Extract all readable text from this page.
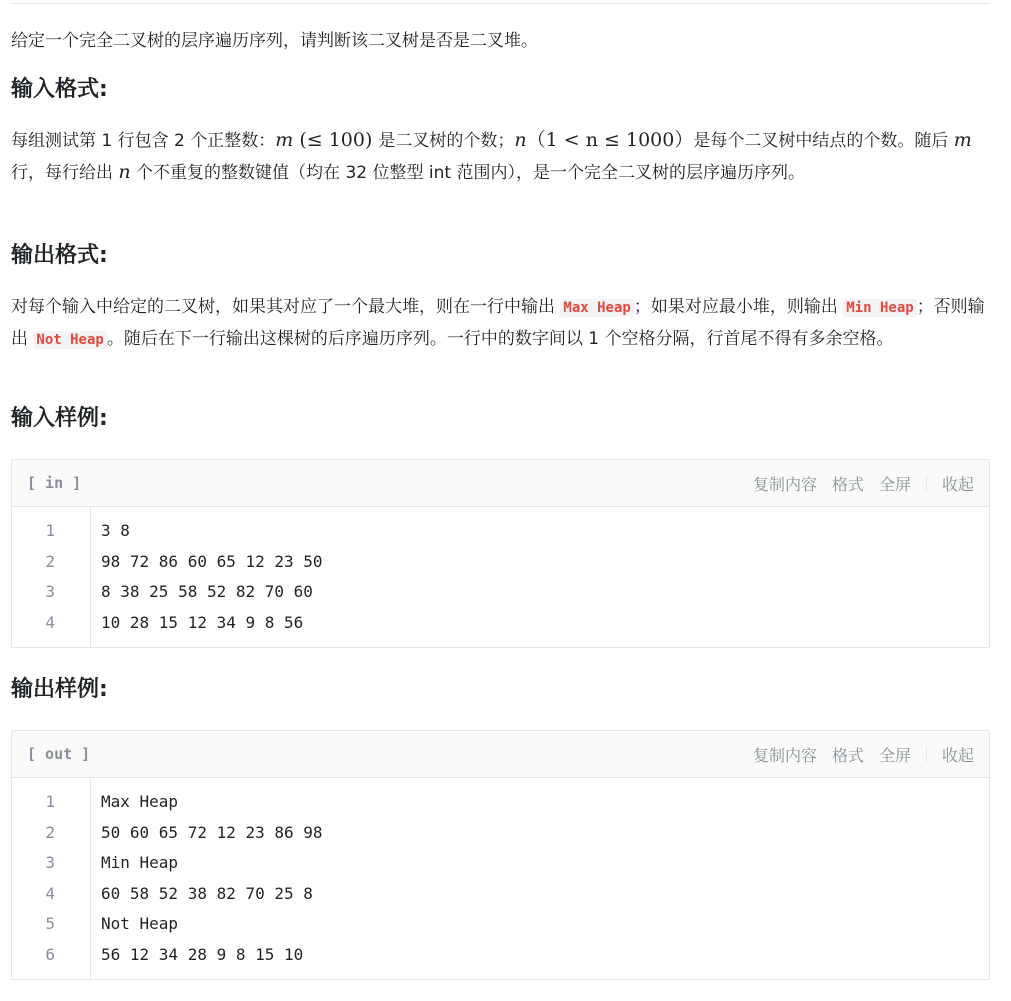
给定一个完全二叉树的层序遍历序列，请判断该二叉树是否是二叉堆。

输入格式:

每组测试第 1 行包含 2 个正整数：m (≤ 100) 是二叉树的个数；n（1 < n ≤ 1000）是每个二叉树中结点的个数。随后 m 行，每行给出 n 个不重复的整数键值（均在 32 位整型 int 范围内），是一个完全二叉树的层序遍历序列。

输出格式:

对每个输入中给定的二叉树，如果其对应了一个最大堆，则在一行中输出 Max Heap ；如果对应最小堆，则输出 Min Heap ；否则输出 Not Heap 。随后在下一行输出这棵树的后序遍历序列。一行中的数字间以 1 个空格分隔，行首尾不得有多余空格。

输入样例:
[ in ]	复制内容 格式 全屏 收起
1
2
3
4
3 8
98 72 86 60 65 12 23 50
8 38 25 58 52 82 70 60
10 28 15 12 34 9 8 56
输出样例:
[ out ]	复制内容 格式 全屏 收起
1
2
3
4
5
6
Max Heap
50 60 65 72 12 23 86 98
Min Heap
60 58 52 38 82 70 25 8
Not Heap
56 12 34 28 9 8 15 10
